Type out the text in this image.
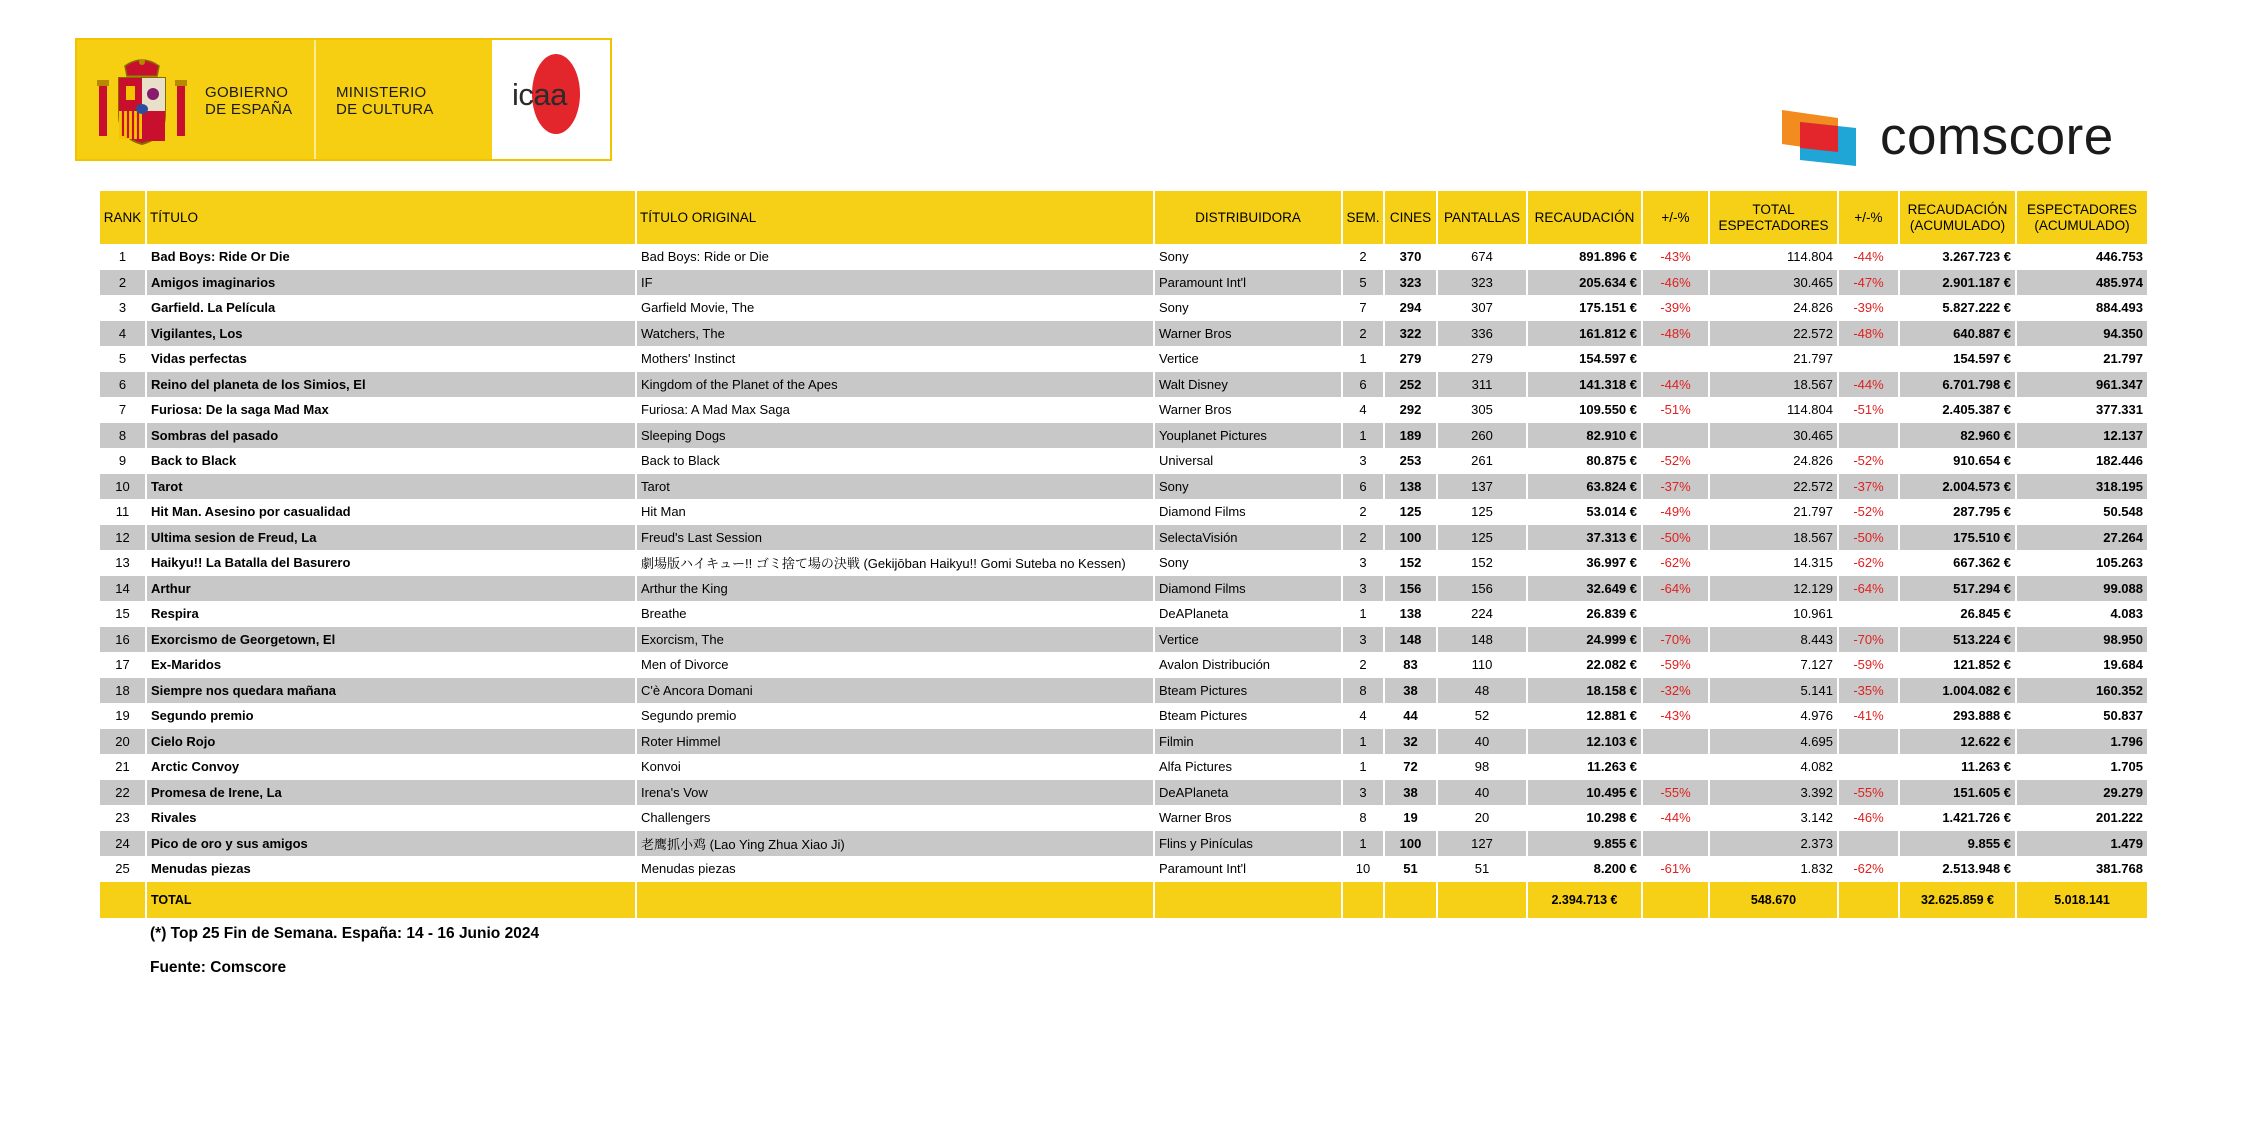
GOBIERNO
DE ESPAÑA
MINISTERIO
DE CULTURA	icaa
comscore
RANK	TÍTULO	TÍTULO ORIGINAL	DISTRIBUIDORA	SEM.	CINES	PANTALLAS	RECAUDACIÓN	+/-%	TOTAL ESPECTADORES	+/-%	RECAUDACIÓN (ACUMULADO)	ESPECTADORES (ACUMULADO)
1	Bad Boys: Ride Or Die	Bad Boys: Ride or Die	Sony	2	370	674	891.896 €	-43%	114.804	-44%	3.267.723 €	446.753
2	Amigos imaginarios	IF	Paramount Int'l	5	323	323	205.634 €	-46%	30.465	-47%	2.901.187 €	485.974
3	Garfield. La Película	Garfield Movie, The	Sony	7	294	307	175.151 €	-39%	24.826	-39%	5.827.222 €	884.493
4	Vigilantes, Los	Watchers, The	Warner Bros	2	322	336	161.812 €	-48%	22.572	-48%	640.887 €	94.350
5	Vidas perfectas	Mothers' Instinct	Vertice	1	279	279	154.597 €		21.797		154.597 €	21.797
6	Reino del planeta de los Simios, El	Kingdom of the Planet of the Apes	Walt Disney	6	252	311	141.318 €	-44%	18.567	-44%	6.701.798 €	961.347
7	Furiosa: De la saga Mad Max	Furiosa: A Mad Max Saga	Warner Bros	4	292	305	109.550 €	-51%	114.804	-51%	2.405.387 €	377.331
8	Sombras del pasado	Sleeping Dogs	Youplanet Pictures	1	189	260	82.910 €		30.465		82.960 €	12.137
9	Back to Black	Back to Black	Universal	3	253	261	80.875 €	-52%	24.826	-52%	910.654 €	182.446
10	Tarot	Tarot	Sony	6	138	137	63.824 €	-37%	22.572	-37%	2.004.573 €	318.195
11	Hit Man. Asesino por casualidad	Hit Man	Diamond Films	2	125	125	53.014 €	-49%	21.797	-52%	287.795 €	50.548
12	Ultima sesion de Freud, La	Freud's Last Session	SelectaVisión	2	100	125	37.313 €	-50%	18.567	-50%	175.510 €	27.264
13	Haikyu!! La Batalla del Basurero	劇場版ハイキュー!! ゴミ捨て場の決戦 (Gekijōban Haikyu!! Gomi Suteba no Kessen)	Sony	3	152	152	36.997 €	-62%	14.315	-62%	667.362 €	105.263
14	Arthur	Arthur the King	Diamond Films	3	156	156	32.649 €	-64%	12.129	-64%	517.294 €	99.088
15	Respira	Breathe	DeAPlaneta	1	138	224	26.839 €		10.961		26.845 €	4.083
16	Exorcismo de Georgetown, El	Exorcism, The	Vertice	3	148	148	24.999 €	-70%	8.443	-70%	513.224 €	98.950
17	Ex-Maridos	Men of Divorce	Avalon Distribución	2	83	110	22.082 €	-59%	7.127	-59%	121.852 €	19.684
18	Siempre nos quedara mañana	C'è Ancora Domani	Bteam Pictures	8	38	48	18.158 €	-32%	5.141	-35%	1.004.082 €	160.352
19	Segundo premio	Segundo premio	Bteam Pictures	4	44	52	12.881 €	-43%	4.976	-41%	293.888 €	50.837
20	Cielo Rojo	Roter Himmel	Filmin	1	32	40	12.103 €		4.695		12.622 €	1.796
21	Arctic Convoy	Konvoi	Alfa Pictures	1	72	98	11.263 €		4.082		11.263 €	1.705
22	Promesa de Irene, La	Irena's Vow	DeAPlaneta	3	38	40	10.495 €	-55%	3.392	-55%	151.605 €	29.279
23	Rivales	Challengers	Warner Bros	8	19	20	10.298 €	-44%	3.142	-46%	1.421.726 €	201.222
24	Pico de oro y sus amigos	老鹰抓小鸡 (Lao Ying Zhua Xiao Ji)	Flins y Pinículas	1	100	127	9.855 €		2.373		9.855 €	1.479
25	Menudas piezas	Menudas piezas	Paramount Int'l	10	51	51	8.200 €	-61%	1.832	-62%	2.513.948 €	381.768
	TOTAL						2.394.713 €		548.670		32.625.859 €	5.018.141
(*) Top 25 Fin de Semana. España: 14 - 16 Junio 2024
Fuente: Comscore
